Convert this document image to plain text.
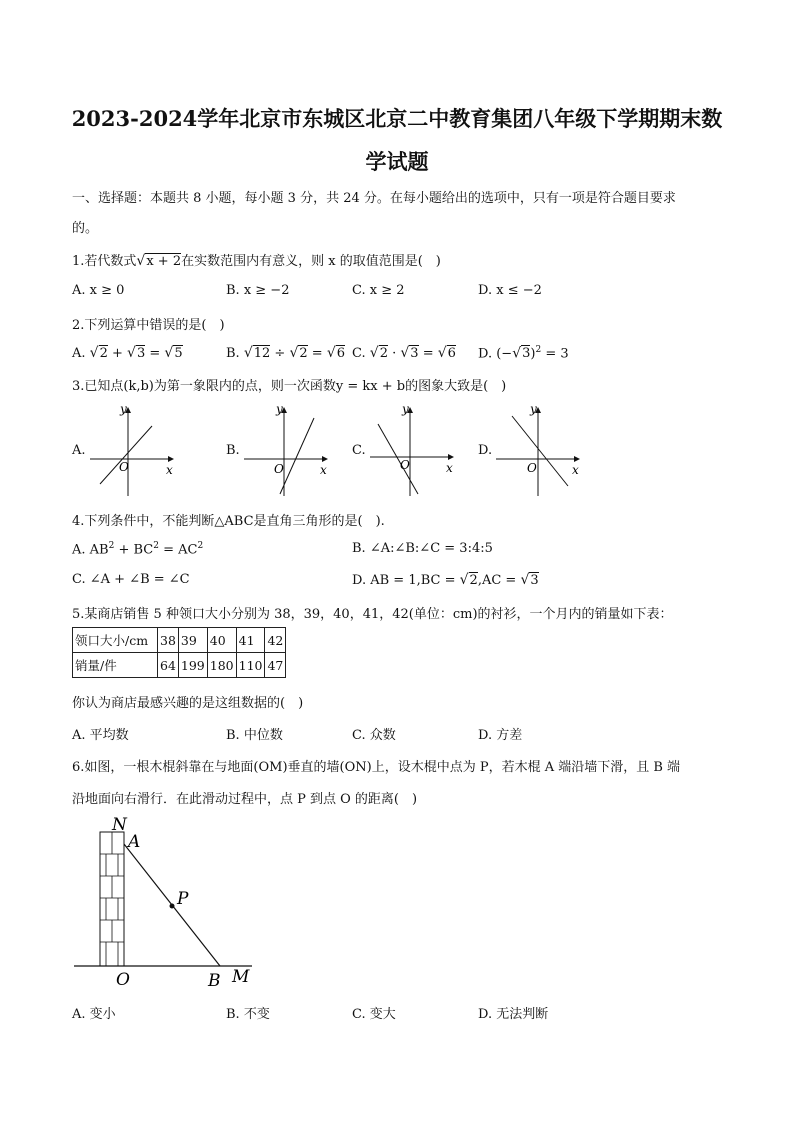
2023-2024学年北京市东城区北京二中教育集团八年级下学期期末数
学试题
一、选择题：本题共 8 小题，每小题 3 分，共 24 分。在每小题给出的选项中，只有一项是符合题目要求
的。
1.若代数式√x + 2在实数范围内有意义，则 x 的取值范围是(　)
A. x ≥ 0	B. x ≥ −2	C. x ≥ 2	D. x ≤ −2
2.下列运算中错误的是(　)
A. √2 + √3 = √5	B. √12 ÷ √2 = √6 C. √2 · √3 = √6 D. $(-√3)^2 = 3$
3.已知点(k,b)为第一象限内的点，则一次函数y = kx + b的图象大致是(　)
A.	B.	C.	D.
y
x
O
y
x
O
y
x
O
y
x
O
4.下列条件中，不能判断△ABC是直角三角形的是(　).
A. $AB^2 + BC^2 = AC^2$	B. ∠A:∠B:∠C = 3:4:5
C. ∠A + ∠B = ∠C	D. AB = 1,BC = √2,AC = √3
5.某商店销售 5 种领口大小分别为 38，39，40，41，42(单位：cm)的衬衫，一个月内的销量如下表：
领口大小/cm	38	39	40	41	42
销量/件	64	199	180	110	47
你认为商店最感兴趣的是这组数据的(　)
A. 平均数	B. 中位数	C. 众数	D. 方差
6.如图，一根木棍斜靠在与地面(OM)垂直的墙(ON)上，设木棍中点为 P，若木棍 A 端沿墙下滑，且 B 端
沿地面向右滑行．在此滑动过程中，点 P 到点 O 的距离(　)
N
A
P
O	B M
A. 变小	B. 不变	C. 变大	D. 无法判断
